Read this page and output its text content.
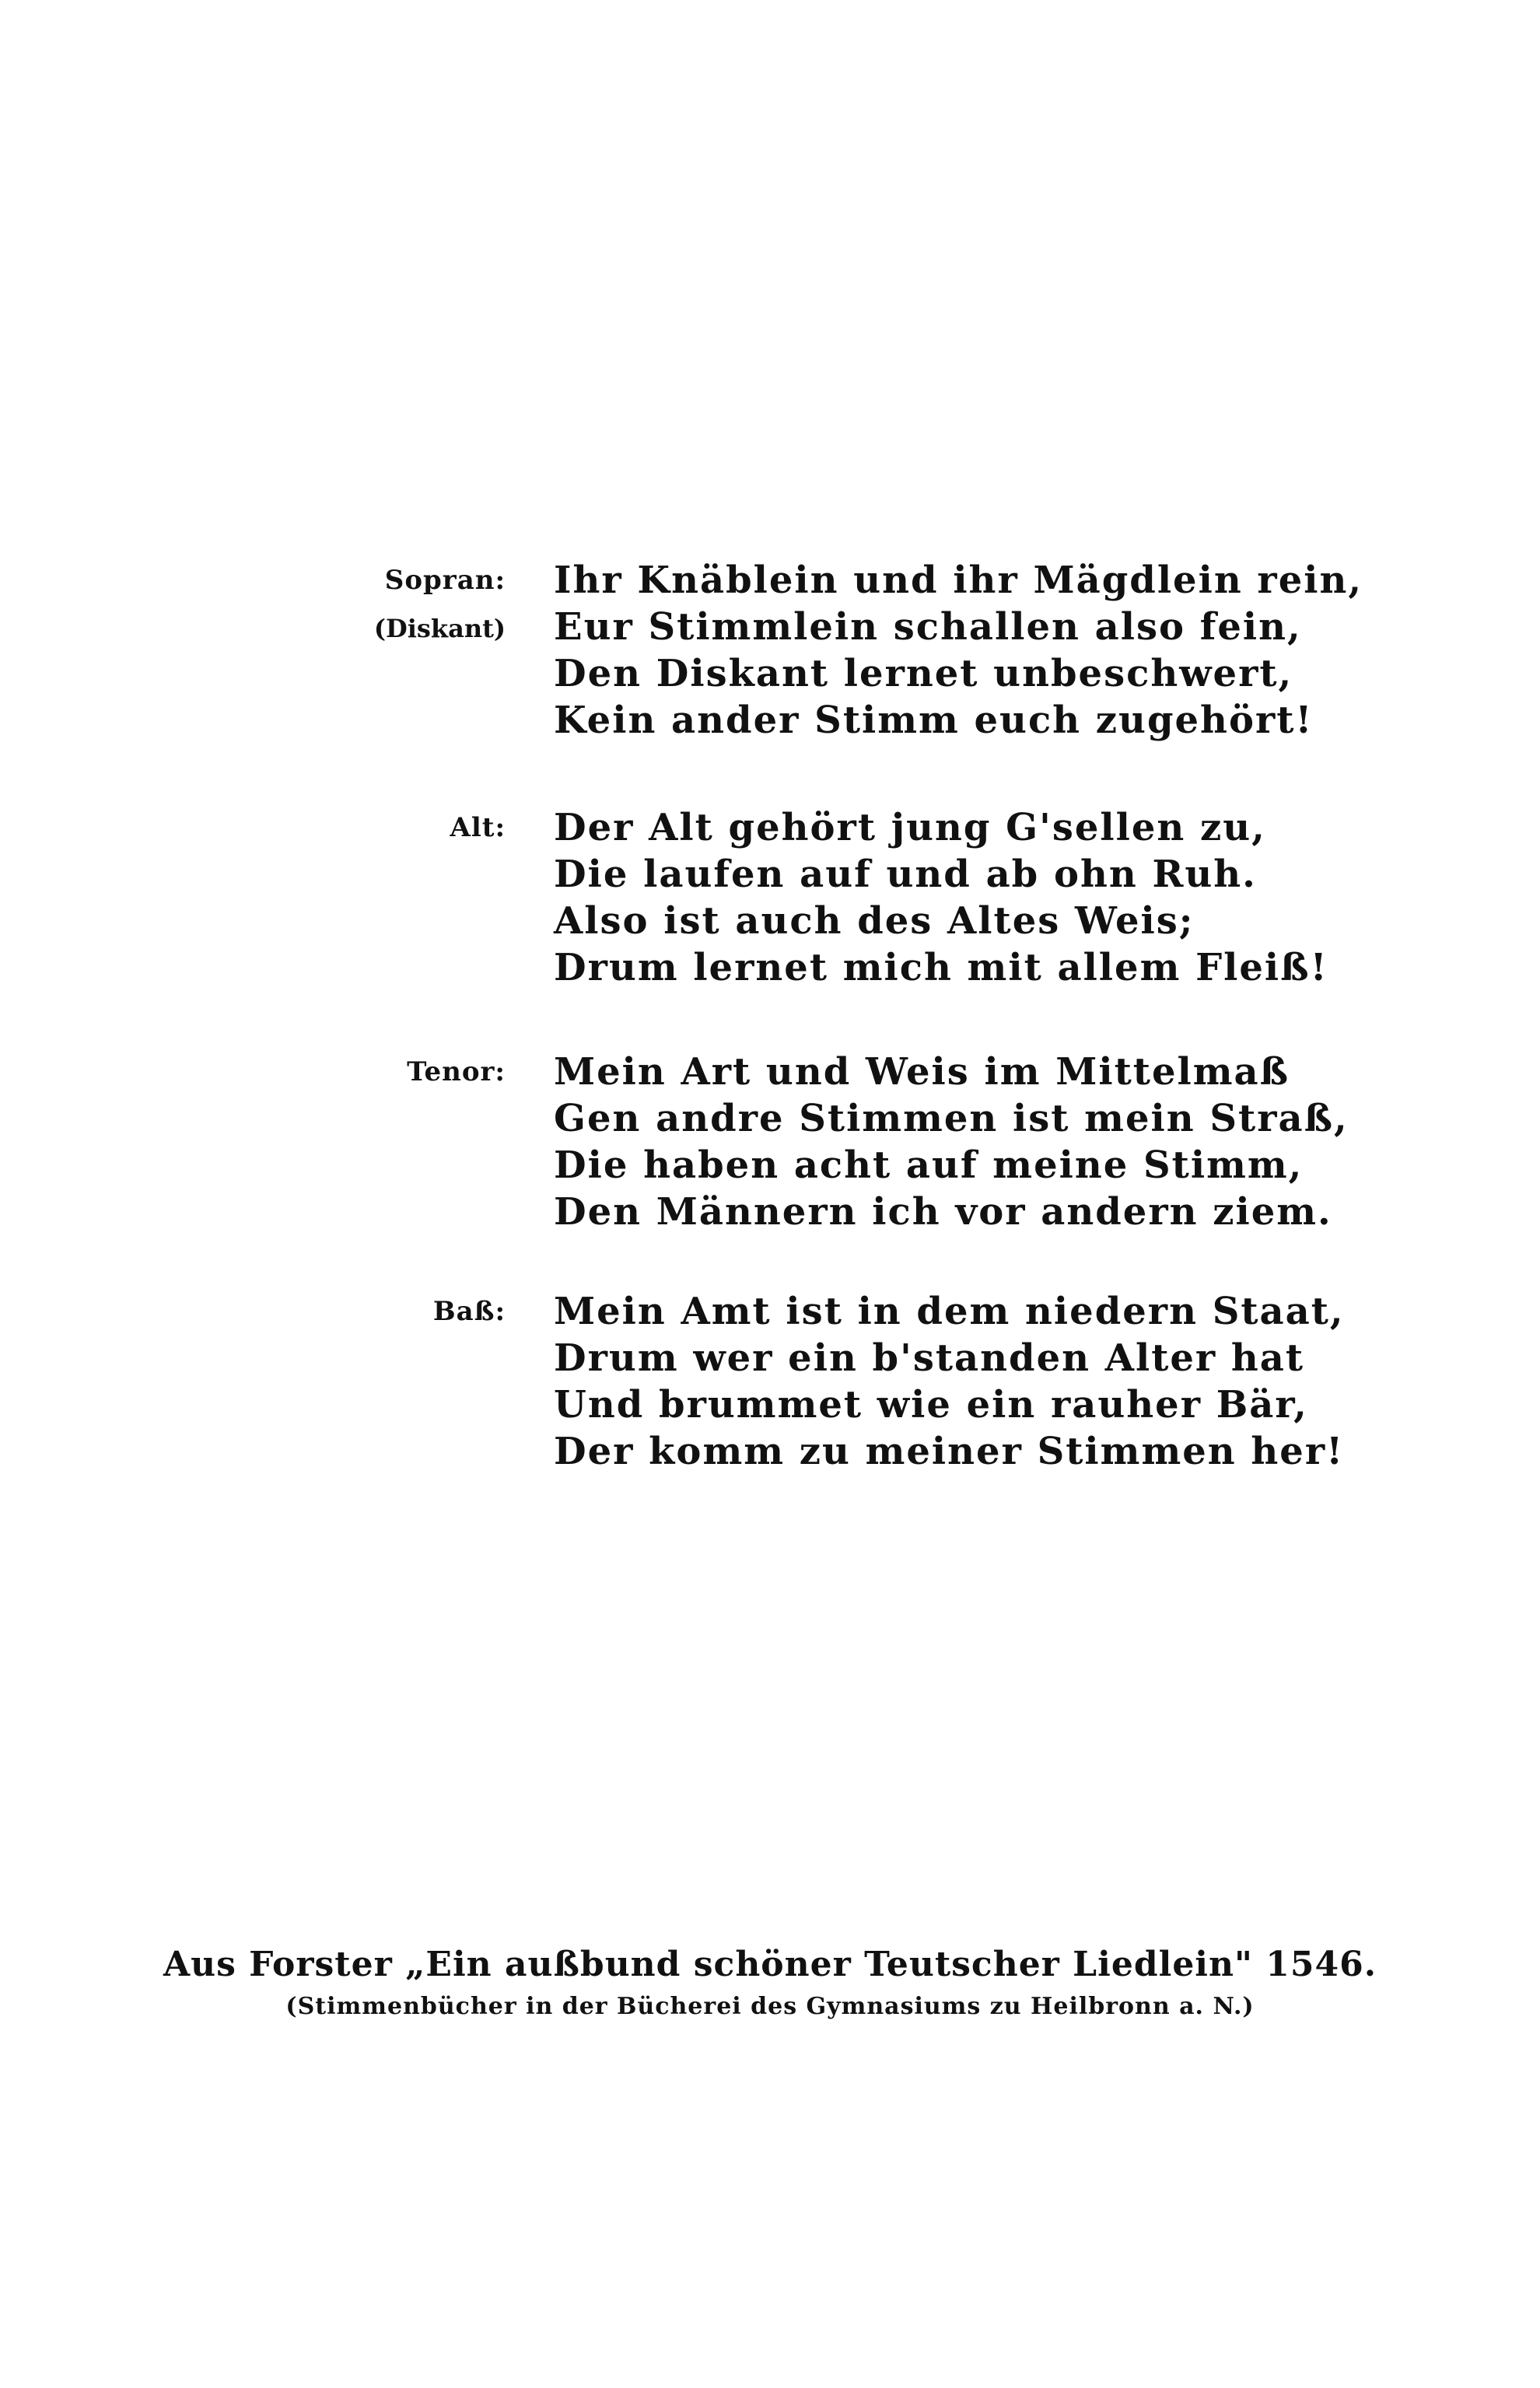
Sopran:
(Diskant)
Ihr Knäblein und ihr Mägdlein rein,
Eur Stimmlein schallen also fein,
Den Diskant lernet unbeschwert,
Kein ander Stimm euch zugehört!
Alt: Der Alt gehört jung G'sellen zu,
Die laufen auf und ab ohn Ruh.
Also ist auch des Altes Weis;
Drum lernet mich mit allem Fleiß!
Tenor: Mein Art und Weis im Mittelmaß
Gen andre Stimmen ist mein Straß,
Die haben acht auf meine Stimm,
Den Männern ich vor andern ziem.
Baß: Mein Amt ist in dem niedern Staat,
Drum wer ein b'standen Alter hat
Und brummet wie ein rauher Bär,
Der komm zu meiner Stimmen her!
Aus Forster „Ein außbund schöner Teutscher Liedlein" 1546.
(Stimmenbücher in der Bücherei des Gymnasiums zu Heilbronn a. N.)
